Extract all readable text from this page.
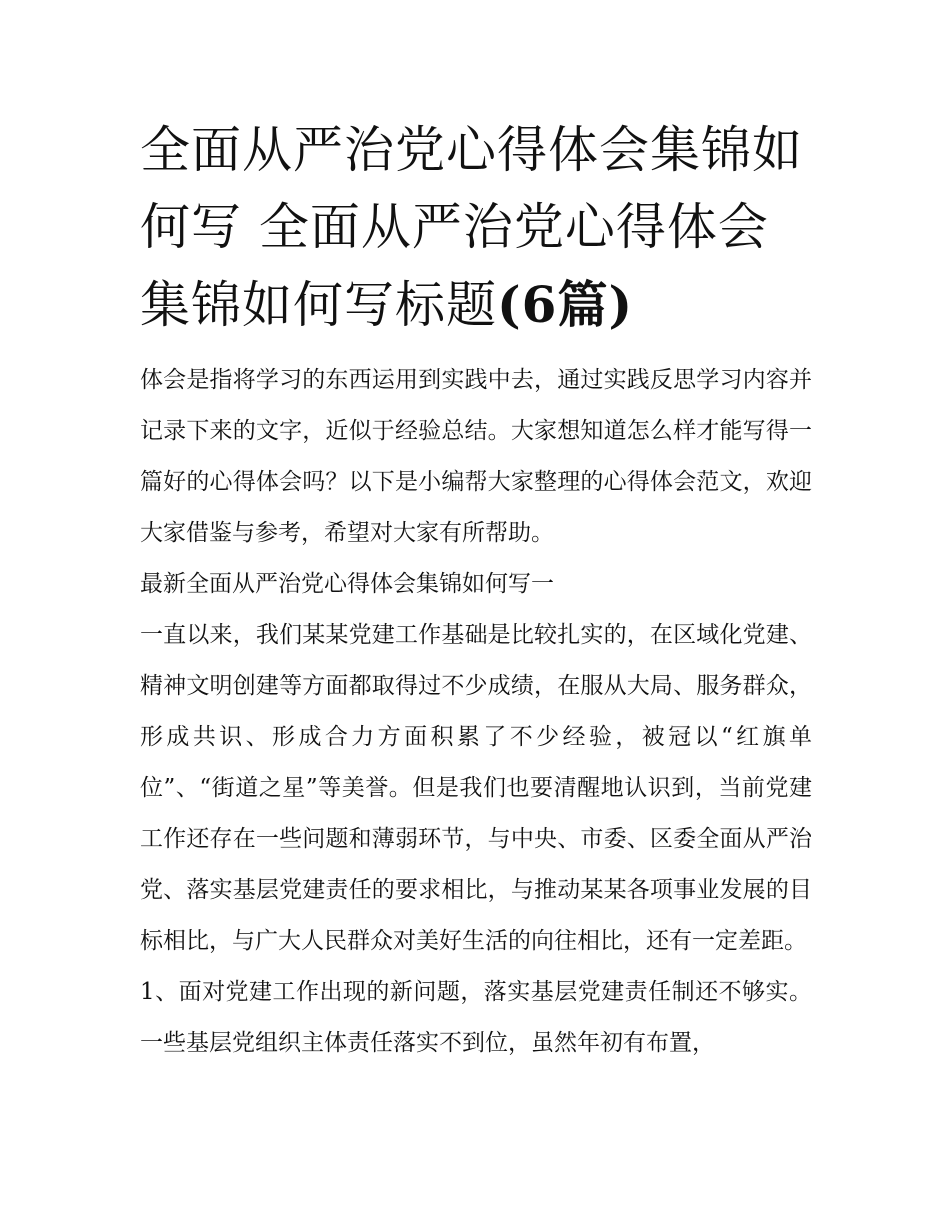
全面从严治党心得体会集锦如何写 全面从严治党心得体会集锦如何写标题(6篇)

体会是指将学习的东西运用到实践中去，通过实践反思学习内容并记录下来的文字，近似于经验总结。大家想知道怎么样才能写得一篇好的心得体会吗？以下是小编帮大家整理的心得体会范文，欢迎大家借鉴与参考，希望对大家有所帮助。

最新全面从严治党心得体会集锦如何写一

一直以来，我们某某党建工作基础是比较扎实的，在区域化党建、精神文明创建等方面都取得过不少成绩，在服从大局、服务群众，形成共识、形成合力方面积累了不少经验，被冠以“红旗单位”、“街道之星”等美誉。但是我们也要清醒地认识到，当前党建工作还存在一些问题和薄弱环节，与中央、市委、区委全面从严治党、落实基层党建责任的要求相比，与推动某某各项事业发展的目标相比，与广大人民群众对美好生活的向往相比，还有一定差距。

1、面对党建工作出现的新问题，落实基层党建责任制还不够实。一些基层党组织主体责任落实不到位，虽然年初有布置，
